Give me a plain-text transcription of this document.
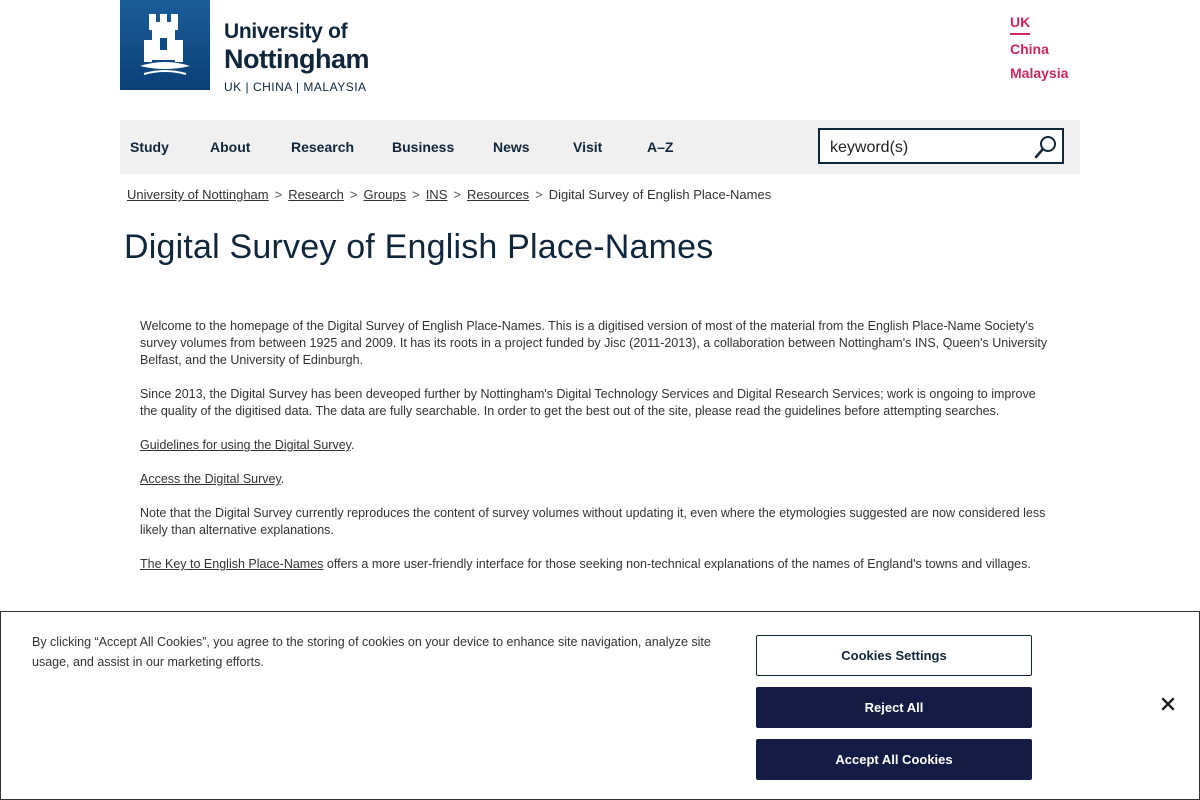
University of
Nottingham
UK | CHINA | MALAYSIA
UK
China
Malaysia
Study	About	Research	Business	News	Visit	A–Z
keyword(s)
University of Nottingham > Research > Groups > INS > Resources > Digital Survey of English Place-Names
Digital Survey of English Place-Names

Welcome to the homepage of the Digital Survey of English Place-Names. This is a digitised version of most of the material from the English Place-Name Society's survey volumes from between 1925 and 2009. It has its roots in a project funded by Jisc (2011-2013), a collaboration between Nottingham's INS, Queen's University Belfast, and the University of Edinburgh.

Since 2013, the Digital Survey has been deveoped further by Nottingham's Digital Technology Services and Digital Research Services; work is ongoing to improve the quality of the digitised data. The data are fully searchable. In order to get the best out of the site, please read the guidelines before attempting searches.

Guidelines for using the Digital Survey.

Access the Digital Survey.

Note that the Digital Survey currently reproduces the content of survey volumes without updating it, even where the etymologies suggested are now considered less likely than alternative explanations.

The Key to English Place-Names offers a more user-friendly interface for those seeking non-technical explanations of the names of England's towns and villages.

By clicking “Accept All Cookies”, you agree to the storing of cookies on your device to enhance site navigation, analyze site usage, and assist in our marketing efforts.	Cookies Settings
Reject All
Accept All Cookies
